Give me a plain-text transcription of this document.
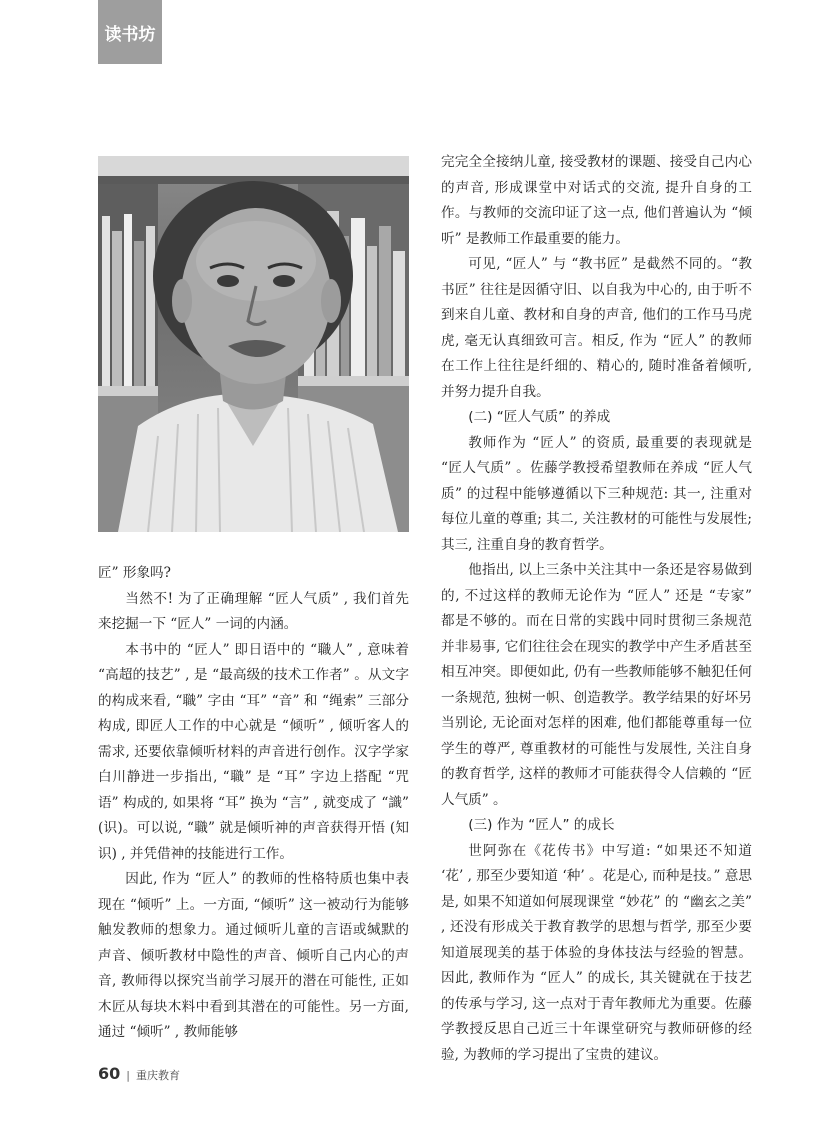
读书坊

匠” 形象吗?

当然不! 为了正确理解 “匠人气质” , 我们首先来挖掘一下 “匠人” 一词的内涵。

本书中的 “匠人” 即日语中的 “職人” , 意味着 “高超的技艺” , 是 “最高级的技术工作者” 。从文字的构成来看, “職” 字由 “耳” “音” 和 “绳索” 三部分构成, 即匠人工作的中心就是 “倾听” , 倾听客人的需求, 还要依靠倾听材料的声音进行创作。汉字学家白川静进一步指出, “職” 是 “耳” 字边上搭配 “咒语” 构成的, 如果将 “耳” 换为 “言” , 就变成了 “識” (识)。可以说, “職” 就是倾听神的声音获得开悟 (知识) , 并凭借神的技能进行工作。

因此, 作为 “匠人” 的教师的性格特质也集中表现在 “倾听” 上。一方面, “倾听” 这一被动行为能够触发教师的想象力。通过倾听儿童的言语或缄默的声音、倾听教材中隐性的声音、倾听自己内心的声音, 教师得以探究当前学习展开的潜在可能性, 正如木匠从每块木料中看到其潜在的可能性。另一方面, 通过 “倾听” , 教师能够

完完全全接纳儿童, 接受教材的课题、接受自己内心的声音, 形成课堂中对话式的交流, 提升自身的工作。与教师的交流印证了这一点, 他们普遍认为 “倾听” 是教师工作最重要的能力。

可见, “匠人” 与 “教书匠” 是截然不同的。“教书匠” 往往是因循守旧、以自我为中心的, 由于听不到来自儿童、教材和自身的声音, 他们的工作马马虎虎, 毫无认真细致可言。相反, 作为 “匠人” 的教师在工作上往往是纤细的、精心的, 随时准备着倾听, 并努力提升自我。

(二) “匠人气质” 的养成

教师作为 “匠人” 的资质, 最重要的表现就是 “匠人气质” 。佐藤学教授希望教师在养成 “匠人气质” 的过程中能够遵循以下三种规范: 其一, 注重对每位儿童的尊重; 其二, 关注教材的可能性与发展性; 其三, 注重自身的教育哲学。

他指出, 以上三条中关注其中一条还是容易做到的, 不过这样的教师无论作为 “匠人” 还是 “专家” 都是不够的。而在日常的实践中同时贯彻三条规范并非易事, 它们往往会在现实的教学中产生矛盾甚至相互冲突。即便如此, 仍有一些教师能够不触犯任何一条规范, 独树一帜、创造教学。教学结果的好坏另当别论, 无论面对怎样的困难, 他们都能尊重每一位学生的尊严, 尊重教材的可能性与发展性, 关注自身的教育哲学, 这样的教师才可能获得令人信赖的 “匠人气质” 。

(三) 作为 “匠人” 的成长

世阿弥在《花传书》中写道: “如果还不知道 ‘花’ , 那至少要知道 ‘种’ 。花是心, 而种是技。” 意思是, 如果不知道如何展现课堂 “妙花” 的 “幽玄之美” , 还没有形成关于教育教学的思想与哲学, 那至少要知道展现美的基于体验的身体技法与经验的智慧。因此, 教师作为 “匠人” 的成长, 其关键就在于技艺的传承与学习, 这一点对于青年教师尤为重要。佐藤学教授反思自己近三十年课堂研究与教师研修的经验, 为教师的学习提出了宝贵的建议。

60 | 重庆教育
